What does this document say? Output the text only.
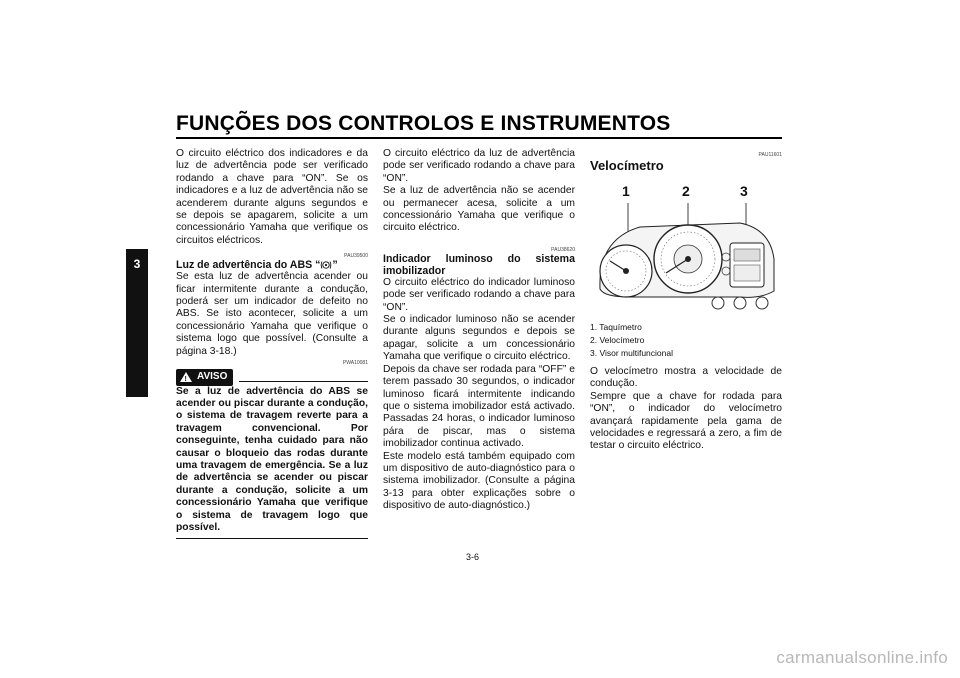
FUNÇÕES DOS CONTROLOS E INSTRUMENTOS
3

O circuito eléctrico dos indicadores e da luz de advertência pode ser verificado rodando a chave para “ON”. Se os indicadores e a luz de advertência não se acenderem durante alguns segundos e se depois se apagarem, solicite a um concessionário Yamaha que verifique os circuitos eléctricos.

PAU39500

Luz de advertência do ABS “ ”

Se esta luz de advertência acender ou ficar intermitente durante a condução, poderá ser um indicador de defeito no ABS. Se isto acontecer, solicite a um concessionário Yamaha que verifique o sistema logo que possível. (Consulte a página 3-18.)

PWA10081
! AVISO

Se a luz de advertência do ABS se acender ou piscar durante a condução, o sistema de travagem reverte para a travagem convencional. Por conseguinte, tenha cuidado para não causar o bloqueio das rodas durante uma travagem de emergência. Se a luz de advertência se acender ou piscar durante a condução, solicite a um concessionário Yamaha que verifique o sistema de travagem logo que possível.

O circuito eléctrico da luz de advertência pode ser verificado rodando a chave para “ON”.

Se a luz de advertência não se acender ou permanecer acesa, solicite a um concessionário Yamaha que verifique o circuito eléctrico.

PAU38620

Indicador luminoso do sistema imobilizador

O circuito eléctrico do indicador luminoso pode ser verificado rodando a chave para “ON”.

Se o indicador luminoso não se acender durante alguns segundos e depois se apagar, solicite a um concessionário Yamaha que verifique o circuito eléctrico.

Depois da chave ser rodada para “OFF” e terem passado 30 segundos, o indicador luminoso ficará intermitente indicando que o sistema imobilizador está activado. Passadas 24 horas, o indicador luminoso pára de piscar, mas o sistema imobilizador continua activado.

Este modelo está também equipado com um dispositivo de auto-diagnóstico para o sistema imobilizador. (Consulte a página 3-13 para obter explicações sobre o dispositivo de auto-diagnóstico.)

PAU11601

Velocímetro

1	2	3
1. Taquímetro
2. Velocímetro
3. Visor multifuncional

O velocímetro mostra a velocidade de condução.

Sempre que a chave for rodada para “ON”, o indicador do velocímetro avançará rapidamente pela gama de velocidades e regressará a zero, a fim de testar o circuito eléctrico.

3-6
carmanualsonline.info
